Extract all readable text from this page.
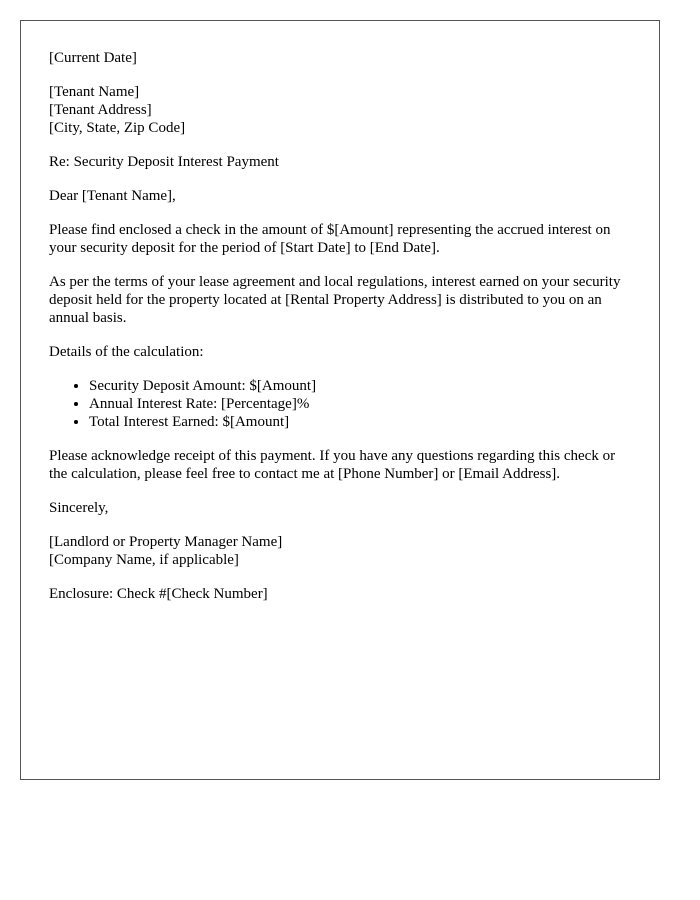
[Current Date]
[Tenant Name]
[Tenant Address]
[City, State, Zip Code]
Re: Security Deposit Interest Payment
Dear [Tenant Name],

Please find enclosed a check in the amount of $[Amount] representing the accrued interest on your security deposit for the period of [Start Date] to [End Date].

As per the terms of your lease agreement and local regulations, interest earned on your security deposit held for the property located at [Rental Property Address] is distributed to you on an annual basis.

Details of the calculation:

• Security Deposit Amount: $[Amount]
• Annual Interest Rate: [Percentage]%
• Total Interest Earned: $[Amount]

Please acknowledge receipt of this payment. If you have any questions regarding this check or the calculation, please feel free to contact me at [Phone Number] or [Email Address].

Sincerely,
[Landlord or Property Manager Name]
[Company Name, if applicable]

Enclosure: Check #[Check Number]
